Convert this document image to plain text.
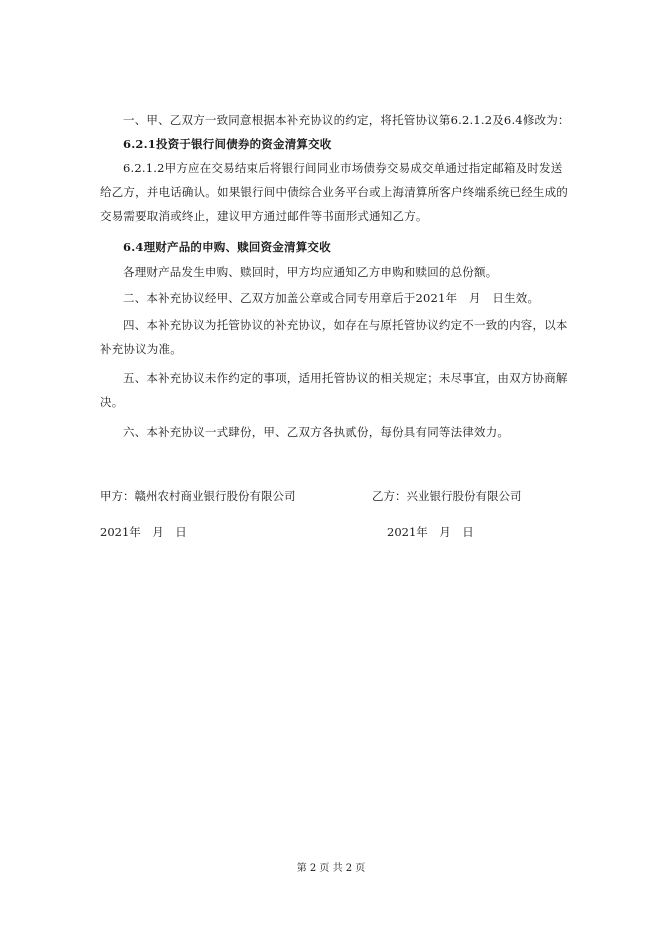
一、甲、乙双方一致同意根据本补充协议的约定，将托管协议第6.2.1.2及6.4修改为：
6.2.1投资于银行间债券的资金清算交收
6.2.1.2甲方应在交易结束后将银行间同业市场债券交易成交单通过指定邮箱及时发送给乙方，并电话确认。如果银行间中债综合业务平台或上海清算所客户终端系统已经生成的交易需要取消或终止，建议甲方通过邮件等书面形式通知乙方。
6.4理财产品的申购、赎回资金清算交收
各理财产品发生申购、赎回时，甲方均应通知乙方申购和赎回的总份额。
二、本补充协议经甲、乙双方加盖公章或合同专用章后于2021年　月　日生效。
四、本补充协议为托管协议的补充协议，如存在与原托管协议约定不一致的内容，以本补充协议为准。
五、本补充协议未作约定的事项，适用托管协议的相关规定；未尽事宜，由双方协商解决。
六、本补充协议一式肆份，甲、乙双方各执贰份，每份具有同等法律效力。
甲方：赣州农村商业银行股份有限公司	乙方：兴业银行股份有限公司
2021年　月　日	2021年　月　日
第 2 页 共 2 页
